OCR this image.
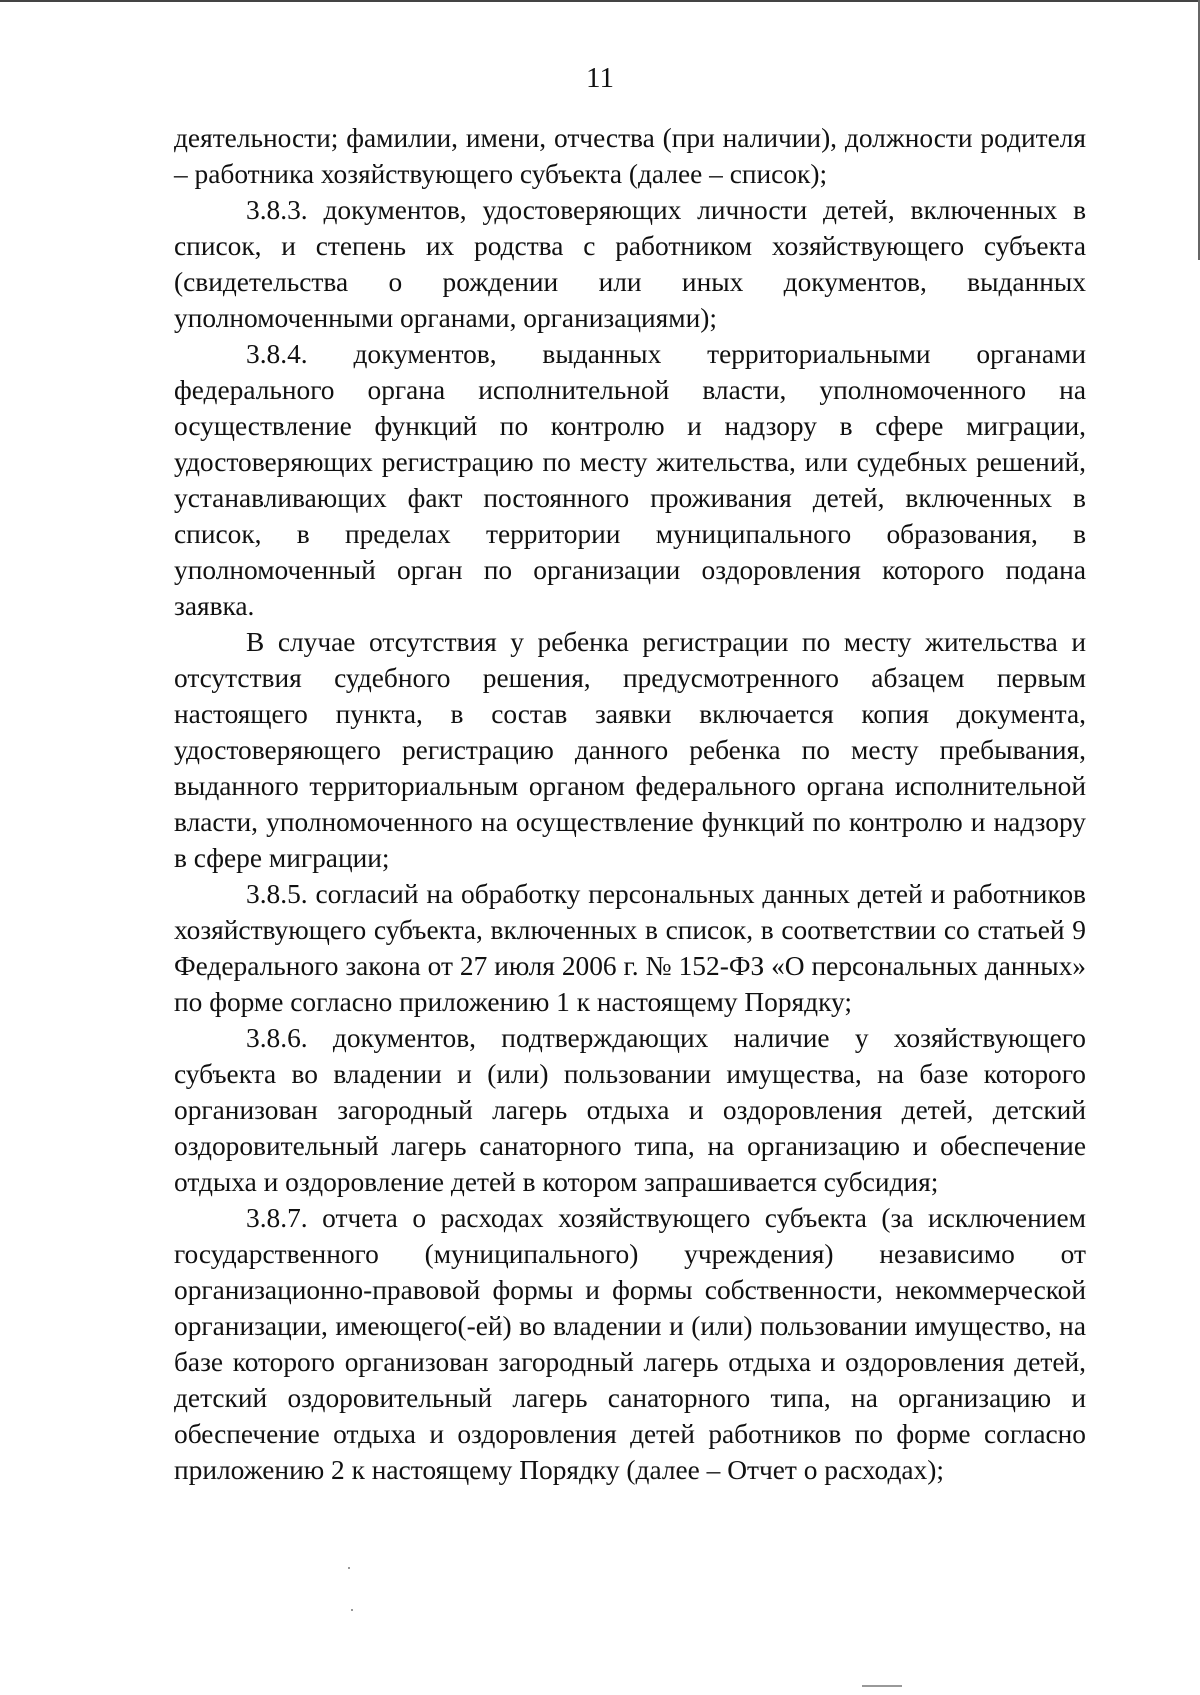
11

деятельности; фамилии, имени, отчества (при наличии), должности родителя – работника хозяйствующего субъекта (далее – список);

3.8.3. документов, удостоверяющих личности детей, включенных в список, и степень их родства с работником хозяйствующего субъекта (свидетельства о рождении или иных документов, выданных уполномоченными органами, организациями);

3.8.4. документов, выданных территориальными органами федерального органа исполнительной власти, уполномоченного на осуществление функций по контролю и надзору в сфере миграции, удостоверяющих регистрацию по месту жительства, или судебных решений, устанавливающих факт постоянного проживания детей, включенных в список, в пределах территории муниципального образования, в уполномоченный орган по организации оздоровления которого подана заявка.

В случае отсутствия у ребенка регистрации по месту жительства и отсутствия судебного решения, предусмотренного абзацем первым настоящего пункта, в состав заявки включается копия документа, удостоверяющего регистрацию данного ребенка по месту пребывания, выданного территориальным органом федерального органа исполнительной власти, уполномоченного на осуществление функций по контролю и надзору в сфере миграции;

3.8.5. согласий на обработку персональных данных детей и работников хозяйствующего субъекта, включенных в список, в соответствии со статьей 9 Федерального закона от 27 июля 2006 г. № 152-ФЗ «О персональных данных» по форме согласно приложению 1 к настоящему Порядку;

3.8.6. документов, подтверждающих наличие у хозяйствующего субъекта во владении и (или) пользовании имущества, на базе которого организован загородный лагерь отдыха и оздоровления детей, детский оздоровительный лагерь санаторного типа, на организацию и обеспечение отдыха и оздоровление детей в котором запрашивается субсидия;

3.8.7. отчета о расходах хозяйствующего субъекта (за исключением государственного (муниципального) учреждения) независимо от организационно-правовой формы и формы собственности, некоммерческой организации, имеющего(-ей) во владении и (или) пользовании имущество, на базе которого организован загородный лагерь отдыха и оздоровления детей, детский оздоровительный лагерь санаторного типа, на организацию и обеспечение отдыха и оздоровления детей работников по форме согласно приложению 2 к настоящему Порядку (далее – Отчет о расходах);
